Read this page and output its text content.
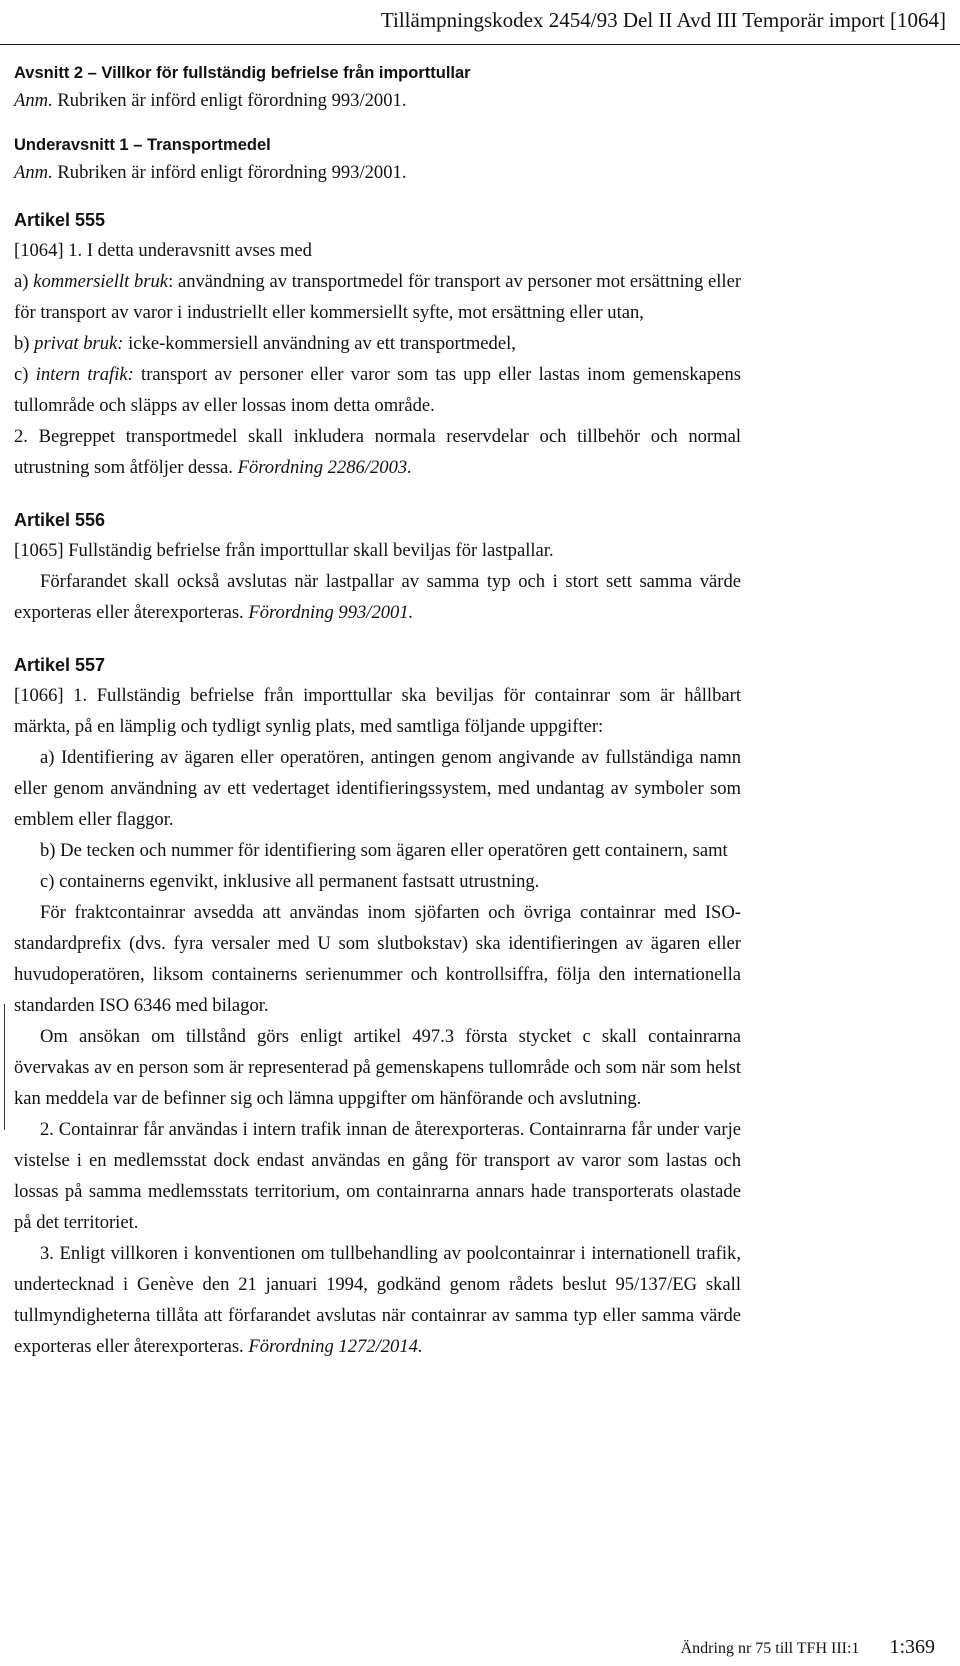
Tillämpningskodex 2454/93 Del II Avd III Temporär import [1064]
Avsnitt 2 – Villkor för fullständig befrielse från importtullar
Anm. Rubriken är införd enligt förordning 993/2001.
Underavsnitt 1 – Transportmedel
Anm. Rubriken är införd enligt förordning 993/2001.
Artikel 555

[1064] 1. I detta underavsnitt avses med

a) kommersiellt bruk: användning av transportmedel för transport av personer mot ersättning eller för transport av varor i industriellt eller kommersiellt syfte, mot ersättning eller utan,

b) privat bruk: icke-kommersiell användning av ett transportmedel,

c) intern trafik: transport av personer eller varor som tas upp eller lastas inom gemenskapens tullområde och släpps av eller lossas inom detta område.

2. Begreppet transportmedel skall inkludera normala reservdelar och tillbehör och normal utrustning som åtföljer dessa. Förordning 2286/2003.

Artikel 556

[1065] Fullständig befrielse från importtullar skall beviljas för lastpallar.

Förfarandet skall också avslutas när lastpallar av samma typ och i stort sett samma värde exporteras eller återexporteras. Förordning 993/2001.

Artikel 557

[1066] 1. Fullständig befrielse från importtullar ska beviljas för containrar som är hållbart märkta, på en lämplig och tydligt synlig plats, med samtliga följande uppgifter:

a) Identifiering av ägaren eller operatören, antingen genom angivande av fullständiga namn eller genom användning av ett vedertaget identifieringssystem, med undantag av symboler som emblem eller flaggor.

b) De tecken och nummer för identifiering som ägaren eller operatören gett containern, samt

c) containerns egenvikt, inklusive all permanent fastsatt utrustning.

För fraktcontainrar avsedda att användas inom sjöfarten och övriga containrar med ISO-standardprefix (dvs. fyra versaler med U som slutbokstav) ska identifieringen av ägaren eller huvudoperatören, liksom containerns serienummer och kontrollsiffra, följa den internationella standarden ISO 6346 med bilagor.

Om ansökan om tillstånd görs enligt artikel 497.3 första stycket c skall containrarna övervakas av en person som är representerad på gemenskapens tullområde och som när som helst kan meddela var de befinner sig och lämna uppgifter om hänförande och avslutning.

2. Containrar får användas i intern trafik innan de återexporteras. Containrarna får under varje vistelse i en medlemsstat dock endast användas en gång för transport av varor som lastas och lossas på samma medlemsstats territorium, om containrarna annars hade transporterats olastade på det territoriet.

3. Enligt villkoren i konventionen om tullbehandling av poolcontainrar i internationell trafik, undertecknad i Genève den 21 januari 1994, godkänd genom rådets beslut 95/137/EG skall tullmyndigheterna tillåta att förfarandet avslutas när containrar av samma typ eller samma värde exporteras eller återexporteras. Förordning 1272/2014.

Ändring nr 75 till TFH III:1 1:369
